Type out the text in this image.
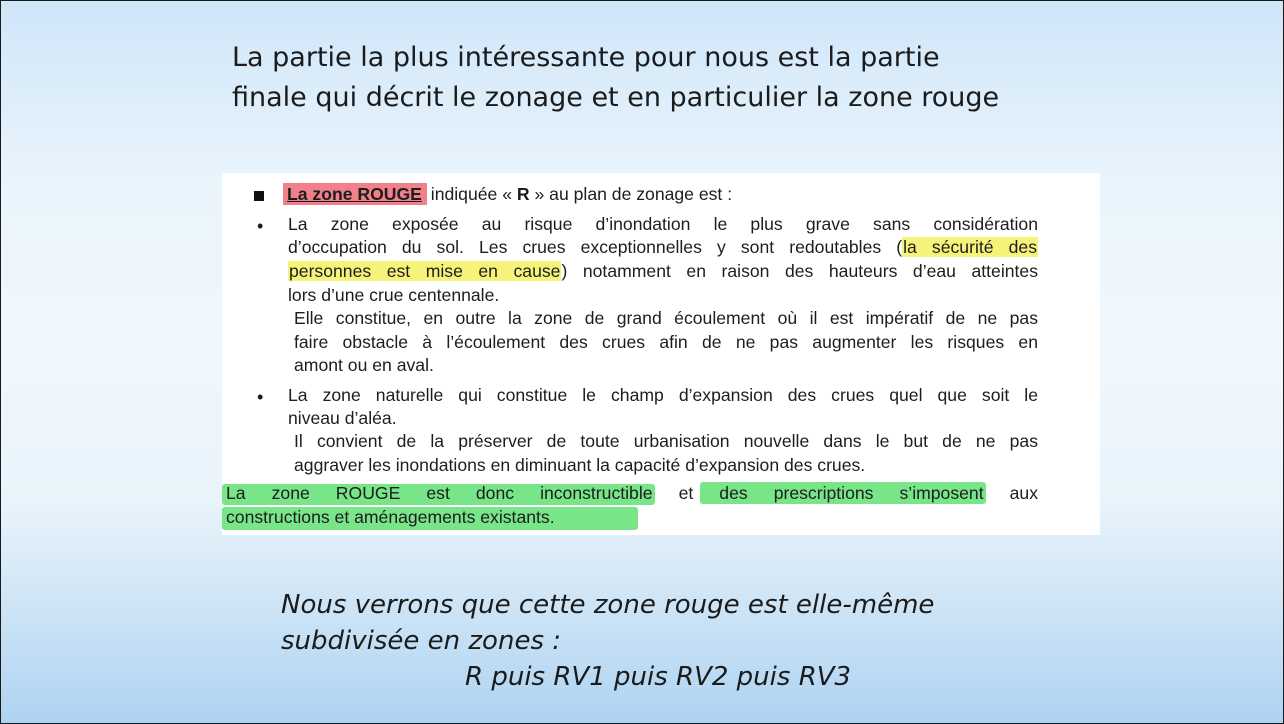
La partie la plus intéressante pour nous est la partie
finale qui décrit le zonage et en particulier la zone rouge
La zone ROUGE indiquée « R » au plan de zonage est :
• La zone exposée au risque d’inondation le plus grave sans considération
d’occupation du sol. Les crues exceptionnelles y sont redoutables (la sécurité des
personnes est mise en cause) notamment en raison des hauteurs d’eau atteintes
lors d’une crue centennale.
Elle constitue, en outre la zone de grand écoulement où il est impératif de ne pas
faire obstacle à l’écoulement des crues afin de ne pas augmenter les risques en
amont ou en aval.
• La zone naturelle qui constitue le champ d’expansion des crues quel que soit le
niveau d’aléa.
Il convient de la préserver de toute urbanisation nouvelle dans le but de ne pas
aggraver les inondations en diminuant la capacité d’expansion des crues.
La zone ROUGE est donc inconstructible et des prescriptions s’imposent aux
constructions et aménagements existants.
Nous verrons que cette zone rouge est elle-même
subdivisée en zones :
R puis RV1 puis RV2 puis RV3
